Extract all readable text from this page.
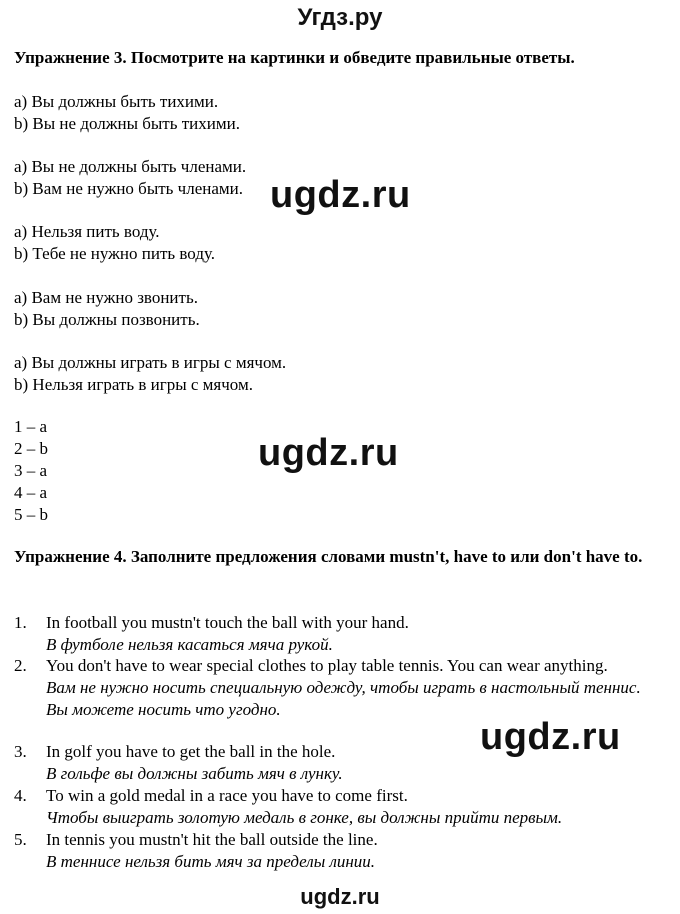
Угдз.ру
Упражнение 3. Посмотрите на картинки и обведите правильные ответы.
a) Вы должны быть тихими.
b) Вы не должны быть тихими.
a) Вы не должны быть членами.
b) Вам не нужно быть членами.
a) Нельзя пить воду.
b) Тебе не нужно пить воду.
a) Вам не нужно звонить.
b) Вы должны позвонить.
a) Вы должны играть в игры с мячом.
b) Нельзя играть в игры с мячом.
1 – a
2 – b
3 – a
4 – a
5 – b
Упражнение 4. Заполните предложения словами mustn't, have to или don't have to.
1. In football you mustn't touch the ball with your hand.
В футболе нельзя касаться мяча рукой.
2. You don't have to wear special clothes to play table tennis. You can wear anything.
Вам не нужно носить специальную одежду, чтобы играть в настольный теннис. Вы можете носить что угодно.
3. In golf you have to get the ball in the hole.
В гольфе вы должны забить мяч в лунку.
4. To win a gold medal in a race you have to come first.
Чтобы выиграть золотую медаль в гонке, вы должны прийти первым.
5. In tennis you mustn't hit the ball outside the line.
В теннисе нельзя бить мяч за пределы линии.
ugdz.ru
ugdz.ru
ugdz.ru
ugdz.ru
